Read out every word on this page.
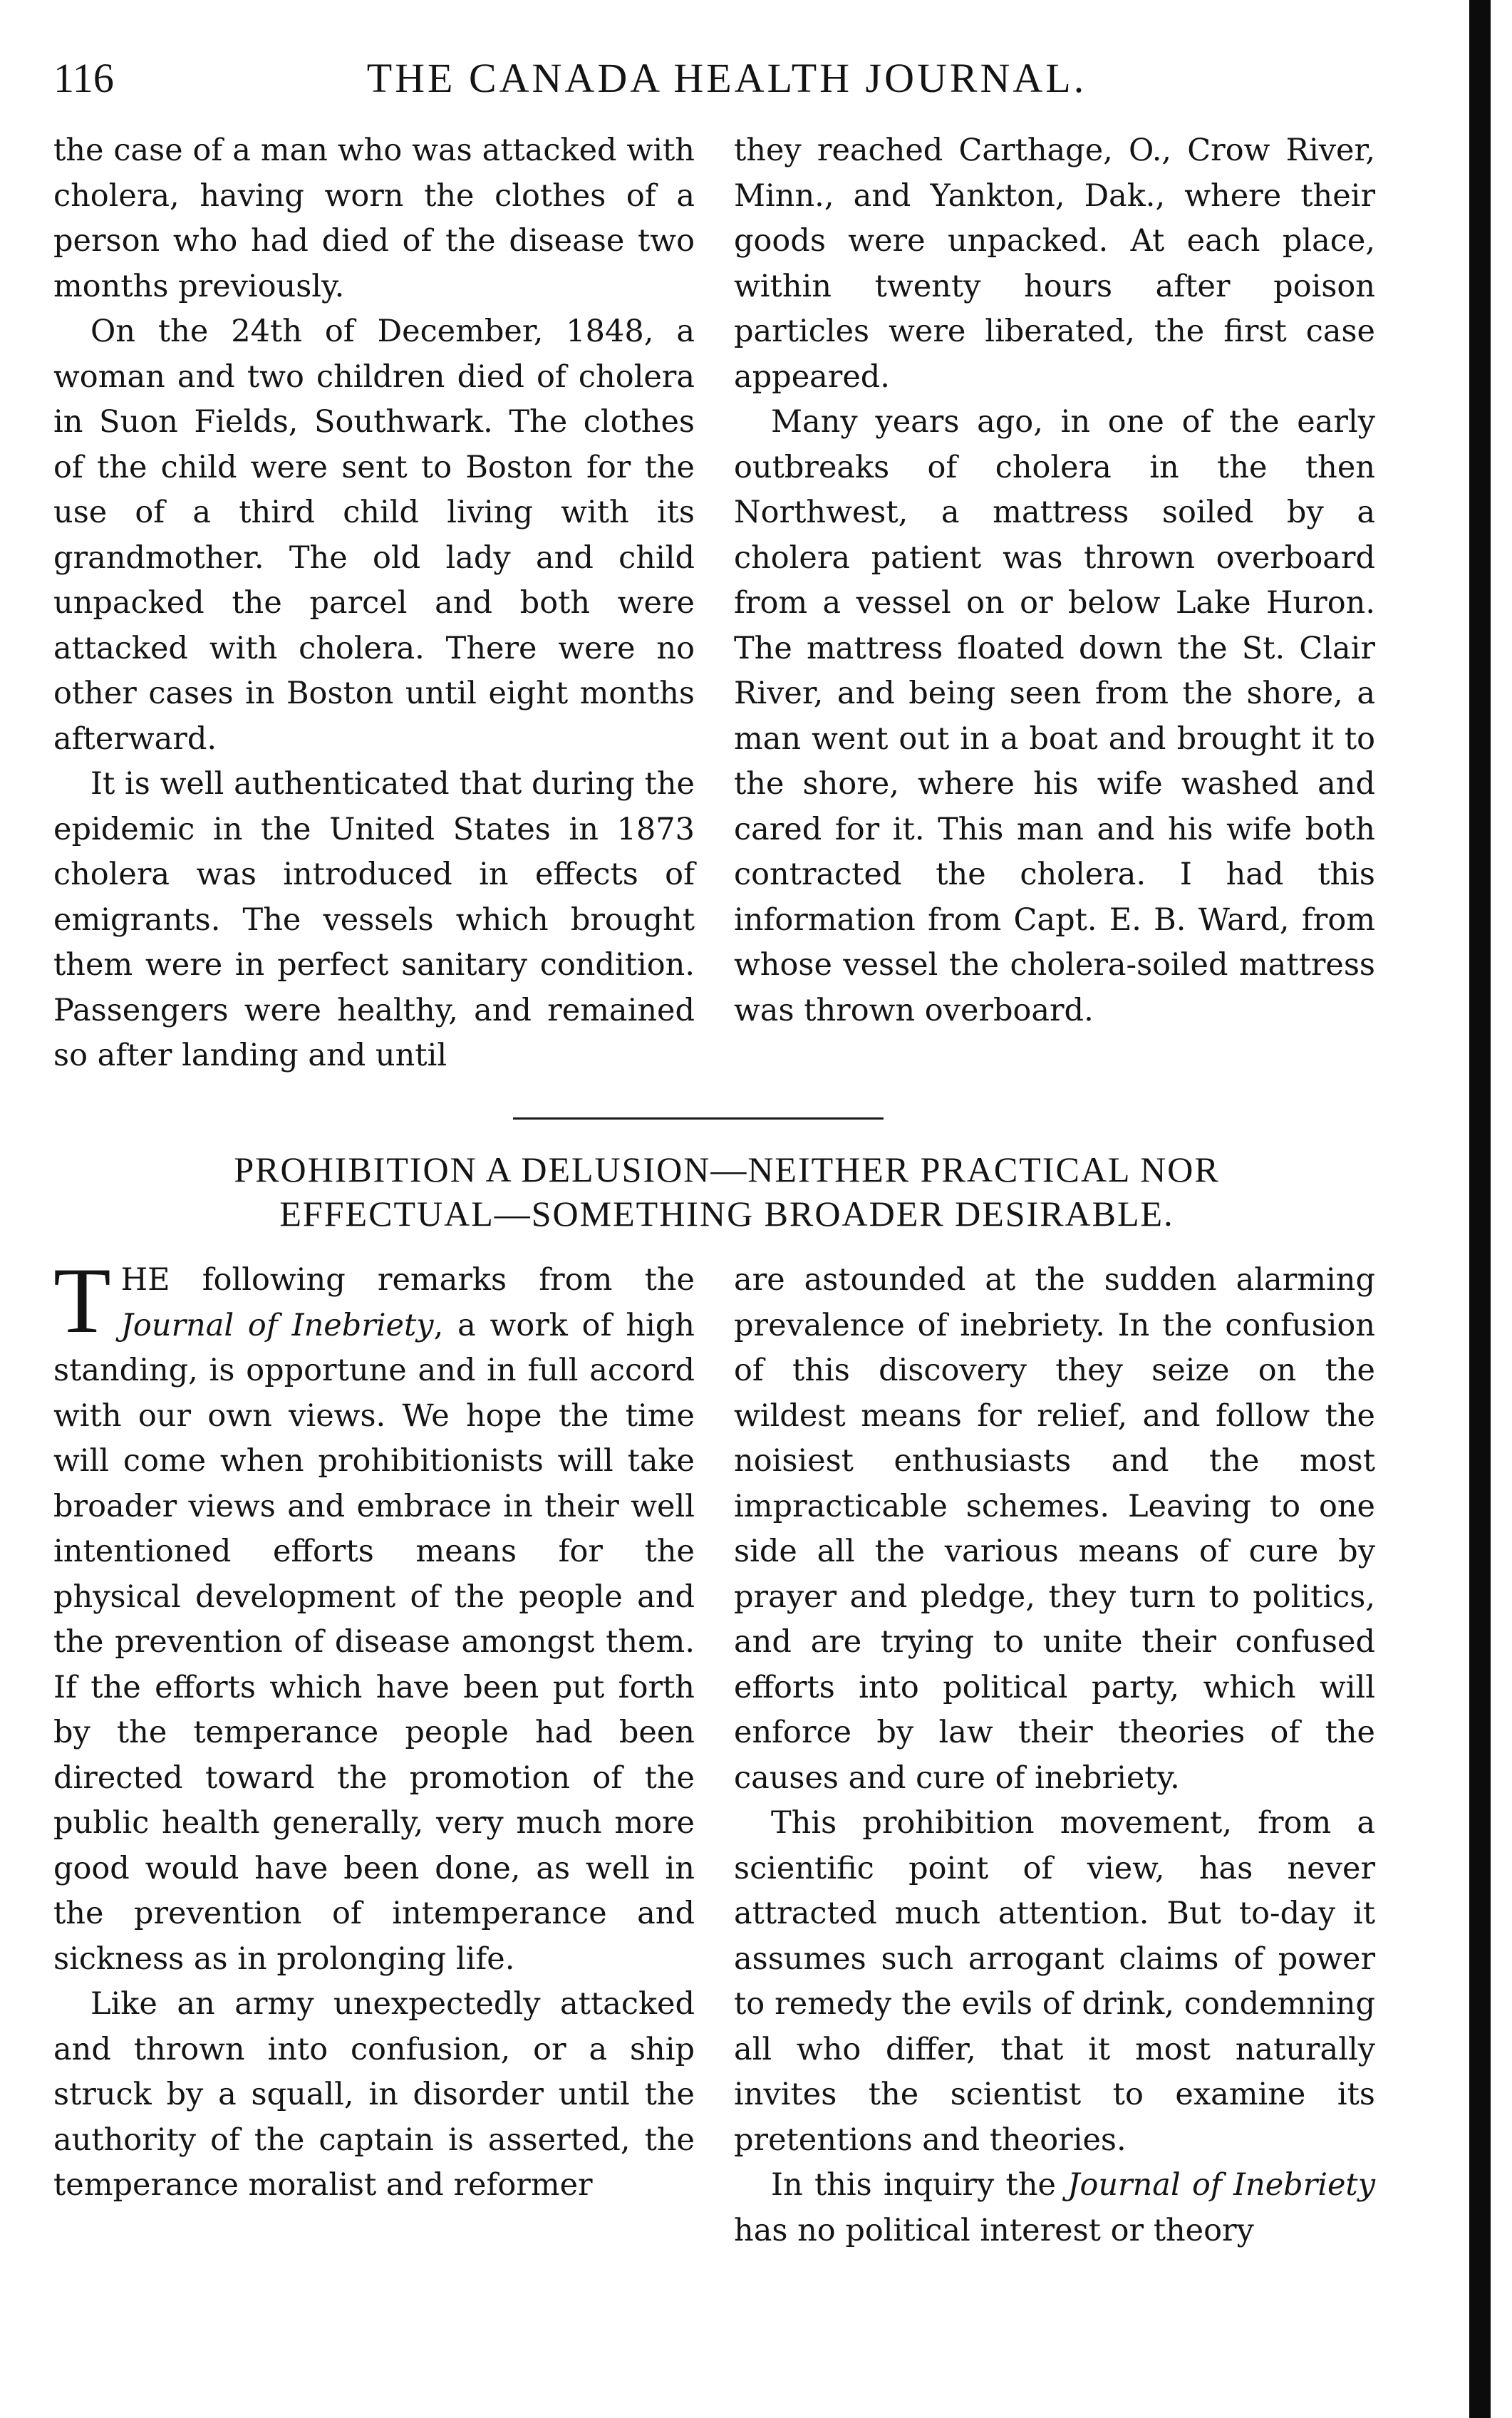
116	THE CANADA HEALTH JOURNAL.

the case of a man who was attacked with cholera, having worn the clothes of a person who had died of the disease two months previously.

On the 24th of December, 1848, a woman and two children died of cholera in Suon Fields, Southwark. The clothes of the child were sent to Boston for the use of a third child living with its grandmother. The old lady and child unpacked the parcel and both were attacked with cholera. There were no other cases in Boston until eight months afterward.

It is well authenticated that during the epidemic in the United States in 1873 cholera was introduced in effects of emigrants. The vessels which brought them were in perfect sanitary condition. Passengers were healthy, and remained so after landing and until

they reached Carthage, O., Crow River, Minn., and Yankton, Dak., where their goods were unpacked. At each place, within twenty hours after poison particles were liberated, the first case appeared.

Many years ago, in one of the early outbreaks of cholera in the then Northwest, a mattress soiled by a cholera patient was thrown overboard from a vessel on or below Lake Huron. The mattress floated down the St. Clair River, and being seen from the shore, a man went out in a boat and brought it to the shore, where his wife washed and cared for it. This man and his wife both contracted the cholera. I had this information from Capt. E. B. Ward, from whose vessel the cholera-soiled mattress was thrown overboard.

PROHIBITION A DELUSION—NEITHER PRACTICAL NOR
EFFECTUAL—SOMETHING BROADER DESIRABLE.

THE following remarks from the Journal of Inebriety, a work of high standing, is opportune and in full accord with our own views. We hope the time will come when prohibitionists will take broader views and embrace in their well intentioned efforts means for the physical development of the people and the prevention of disease amongst them. If the efforts which have been put forth by the temperance people had been directed toward the promotion of the public health generally, very much more good would have been done, as well in the prevention of intemperance and sickness as in prolonging life.

Like an army unexpectedly attacked and thrown into confusion, or a ship struck by a squall, in disorder until the authority of the captain is asserted, the temperance moralist and reformer

are astounded at the sudden alarming prevalence of inebriety. In the confusion of this discovery they seize on the wildest means for relief, and follow the noisiest enthusiasts and the most impracticable schemes. Leaving to one side all the various means of cure by prayer and pledge, they turn to politics, and are trying to unite their confused efforts into political party, which will enforce by law their theories of the causes and cure of inebriety.

This prohibition movement, from a scientific point of view, has never attracted much attention. But to-day it assumes such arrogant claims of power to remedy the evils of drink, condemning all who differ, that it most naturally invites the scientist to examine its pretentions and theories.

In this inquiry the Journal of Inebriety has no political interest or theory
